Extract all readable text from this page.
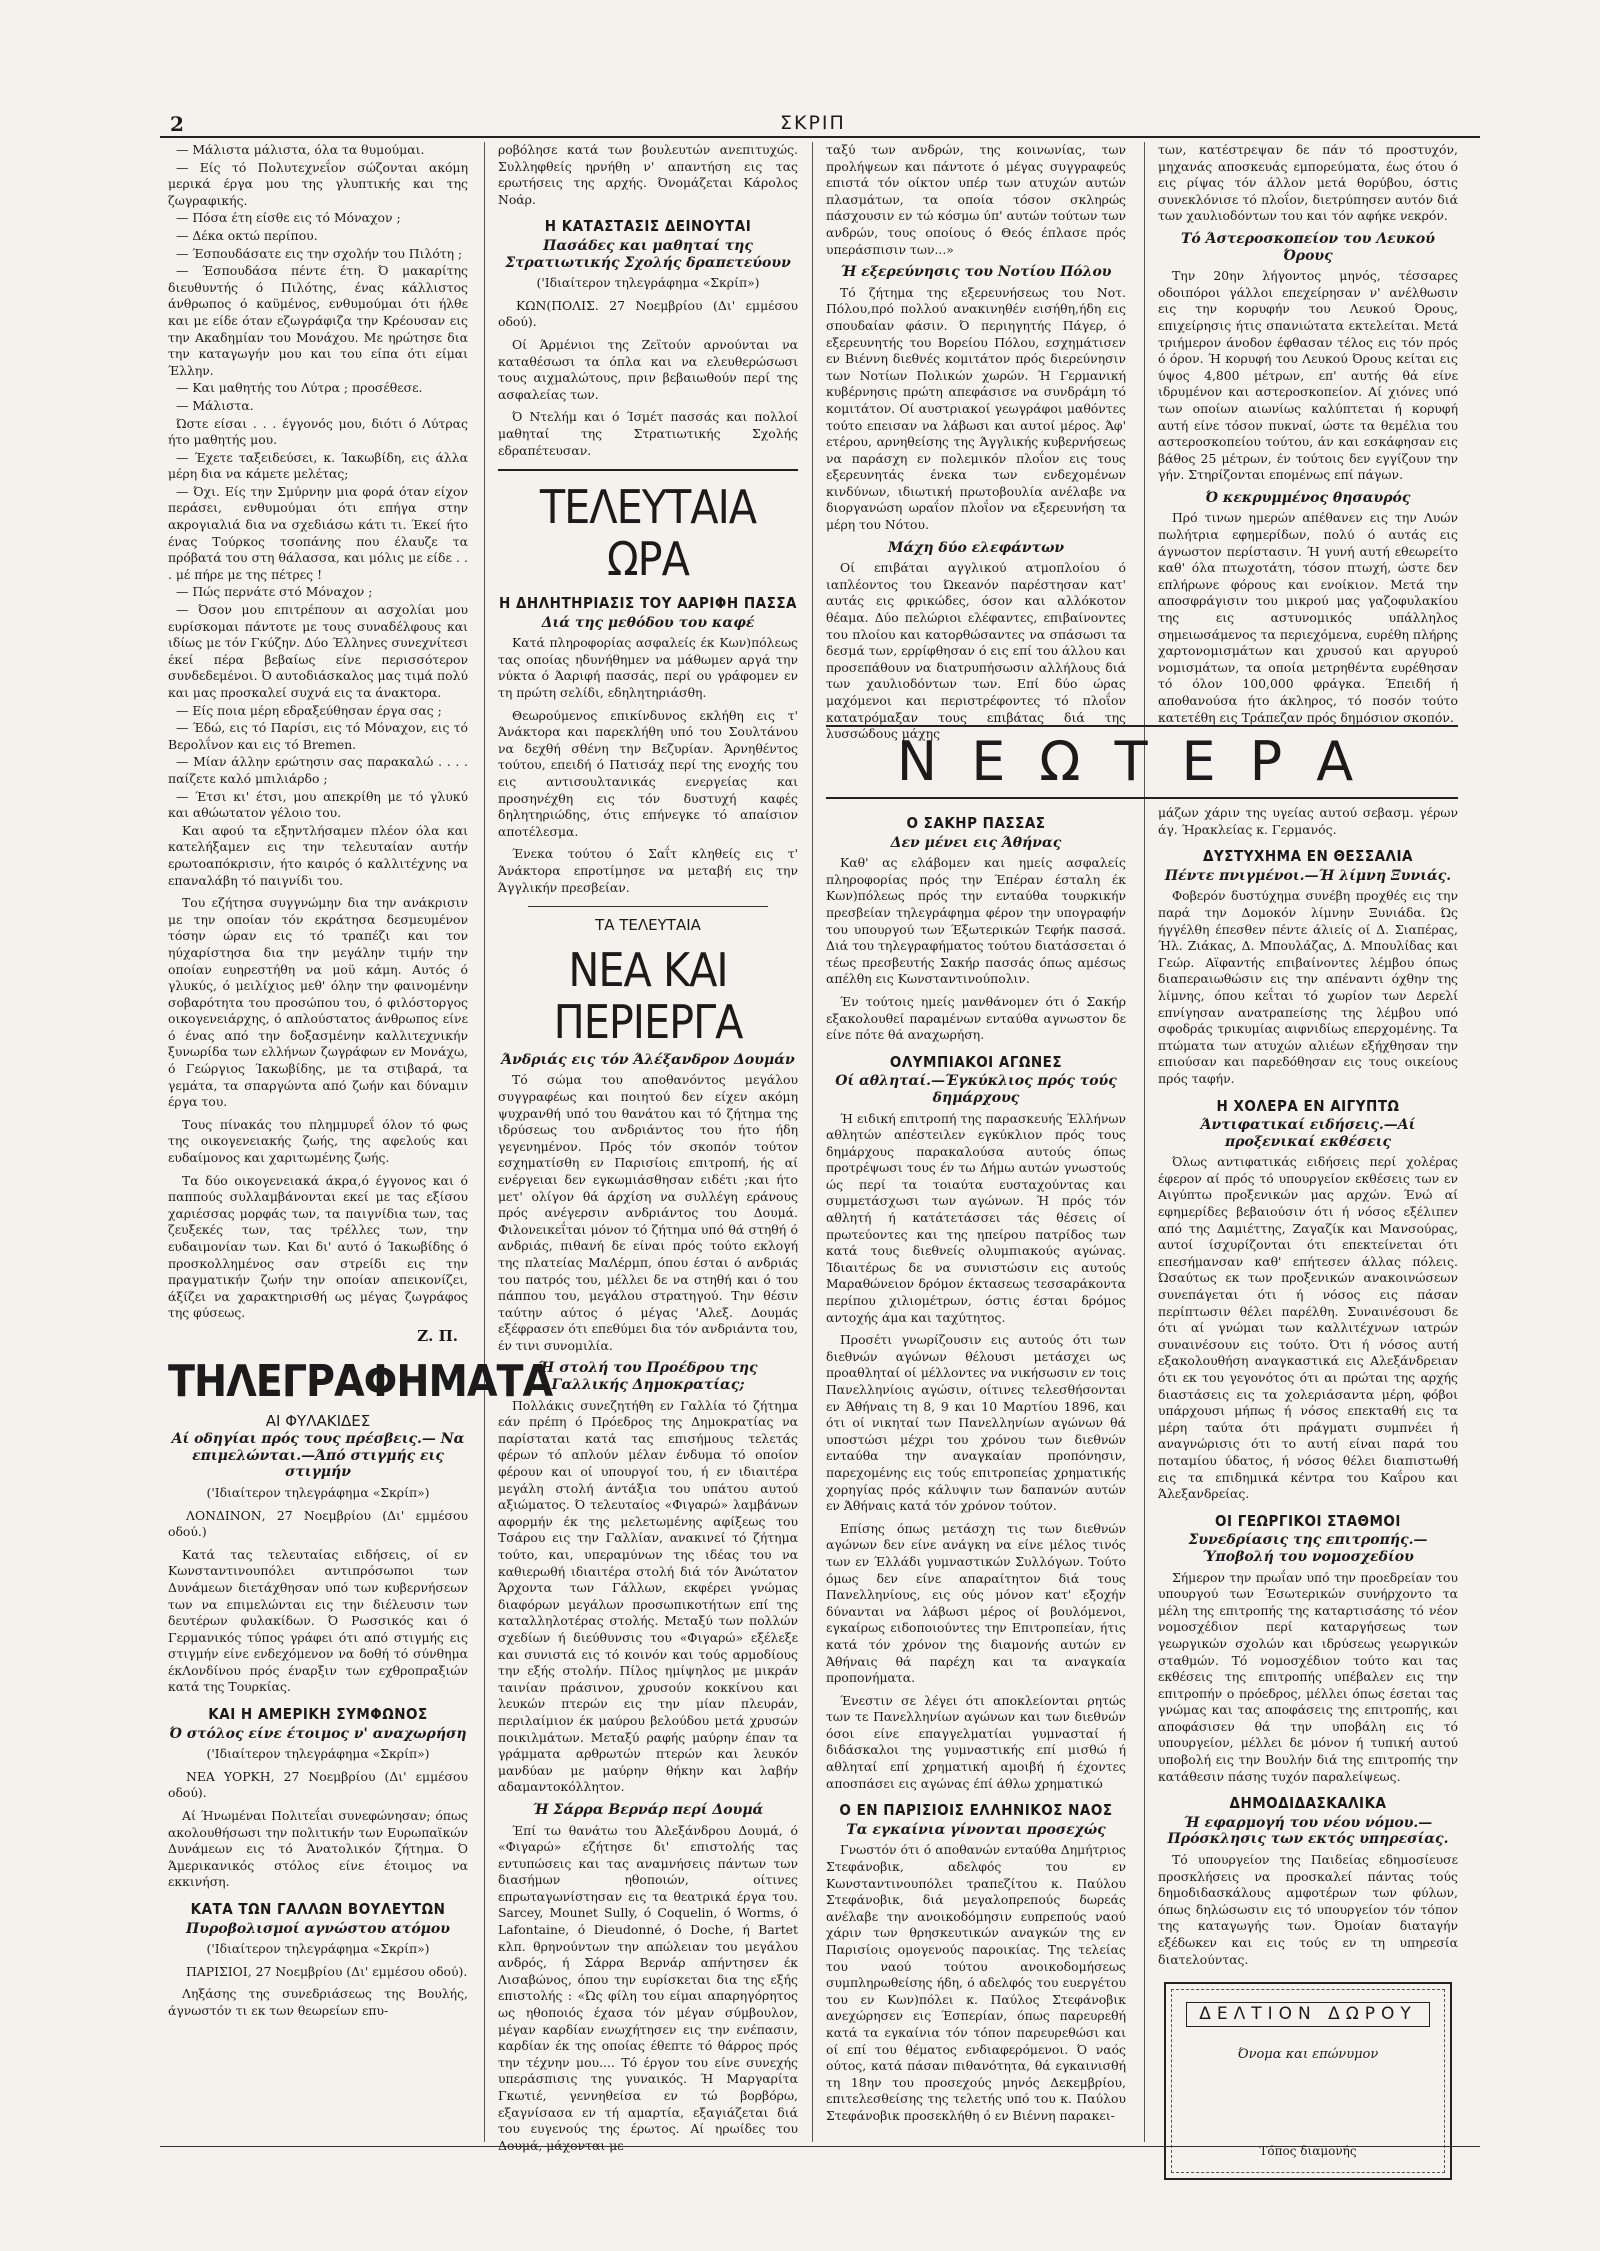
2	ΣΚΡΙΠ

— Μάλιστα μάλιστα, όλα τα θυμούμαι.

— Είς τό Πολυτεχνεΐον σώζονται ακόμη μερικά έργα μου της γλυπτικής και της ζωγραφικής.

— Πόσα έτη είσθε εις τό Μόναχον ;

— Δέκα οκτώ περίπου.

— Έσπουδάσατε εις την σχολήν του Πιλότη ;

— Έσπουδάσα πέντε έτη. Ό μακαρίτης διευθυντής ό Πιλότης, ένας κάλλιστος άνθρωπος ό καϋμένος, ενθυμούμαι ότι ήλθε και με είδε όταν εζωγράφιζα την Κρέουσαν εις την Ακαδημίαν του Μονάχου. Με ηρώτησε δια την καταγωγήν μου και του είπα ότι είμαι Έλλην.

— Και μαθητής του Λύτρα ; προσέθεσε.

— Μάλιστα.

Ώστε είσαι . . . έγγονός μου, διότι ό Λύτρας ήτο μαθητής μου.

— Έχετε ταξειδεύσει, κ. Ίακωβίδη, εις άλλα μέρη δια να κάμετε μελέτας;

— Όχι. Είς την Σμύρνην μια φορά όταν είχον περάσει, ενθυμούμαι ότι επήγα στην ακρογιαλιά δια να σχεδιάσω κάτι τι. Έκεί ήτο ένας Τούρκος τσοπάνης που έλαυζε τα πρόβατά του στη θάλασσα, και μόλις με είδε . . . μέ πήρε με της πέτρες !

— Πώς περνάτε στό Μόναχον ;

— Όσον μου επιτρέπουν αι ασχολίαι μου ευρίσκομαι πάντοτε με τους συναδέλφους και ιδίως με τόν Γκύζην. Δύο Έλληνες συνεχνίτεσι έκεί πέρα βεβαίως είνε περισσότερον συνδεδεμένοι. Ό αυτοδιάσκαλος μας τιμά πολύ και μας προσκαλεί συχνά εις τα άνακτορα.

— Είς ποια μέρη εδραξεύθησαν έργα σας ;

— Έδώ, εις τό Παρίσι, εις τό Μόναχον, εις τό Βερολΐνον και εις τό Bremen.

— Μίαν άλλην ερώτησιν σας παρακαλώ . . . . παίζετε καλό μπιλιάρδο ;

— Έτσι κι' έτσι, μου απεκρίθη με τό γλυκύ και αθώωτατον γέλοιο του.

Και αφού τα εξηντλήσαμεν πλέον όλα και κατελήξαμεν εις την τελευταίαν αυτήν ερωτοαπόκρισιν, ήτο καιρός ό καλλιτέχνης να επαναλάβη τό παιγνίδι του.

Του εζήτησα συγγνώμην δια την ανάκρισιν με την οποίαν τόν εκράτησα δεσμευμένον τόσην ώραν εις τό τραπέζι και τον ηύχαρίστησα δια την μεγάλην τιμήν την οποίαν ευηρεστήθη να μοϋ κάμη. Αυτός ό γλυκύς, ό μειλίχιος μεθ' όλην την φαινομένην σοβαρότητα του προσώπου του, ό φιλόστοργος οικογενειάρχης, ό απλούστατος άνθρωπος είνε ό ένας από την δοξασμένην καλλιτεχνικήν ξυνωρίδα των ελλήνων ζωγράφων εν Μονάχω, ό Γεώργιος Ίακωβίδης, με τα στιβαρά, τα γεμάτα, τα σπαργώντα από ζωήν και δύναμιν έργα του.

Τους πίνακάς του πλημμυρεΐ όλον τό φως της οικογενειακής ζωής, της αφελούς και ευδαίμονος και χαριτωμένης ζωής.

Τα δύο οικογενειακά άκρα,ό έγγονος και ό παππούς συλλαμβάνονται εκεί με τας εξίσου χαριέσσας μορφάς των, τα παιγνίδια των, τας ζευξεκές των, τας τρέλλες των, την ευδαιμονίαν των. Και δι' αυτό ό Ίακωβίδης ό προσκολλημένος σαν στρείδι εις την πραγματικήν ζωήν την οποίαν απεικονίζει, άξίζει να χαρακτηρισθή ως μέγας ζωγράφος της φύσεως.

Ζ. Π.
ΤΗΛΕΓΡΑΦΗΜΑΤΑ
ΑΙ ΦΥΛΑΚΙΔΕΣ
Αί οδηγίαι πρός τους πρέσβεις.— Να επιμελώνται.—Άπό στιγμής εις στιγμήν

('Ιδιαίτερον τηλεγράφημα «Σκρίπ»)

ΛΟΝΔΙΝΟΝ, 27 Νοεμβρίου (Δι' εμμέσου οδού.)

Κατά τας τελευταίας ειδήσεις, οί εν Κωνσταντινουπόλει αντιπρόσωποι των Δυνάμεων διετάχθησαν υπό των κυβερνήσεων των να επιμελώνται εις την διέλευσιν των δευτέρων φυλακίδων. Ό Ρωσσικός και ό Γερμανικός τύπος γράφει ότι από στιγμής εις στιγμήν είνε ενδεχόμενον να δοθή τό σύνθημα έκΛονδίνου πρός έναρξιν των εχθροπραξιών κατά της Τουρκίας.

ΚΑΙ Η ΑΜΕΡΙΚΗ ΣΥΜΦΩΝΟΣ
Ό στόλος είνε έτοιμος ν' αναχωρήση

('Ιδιαίτερον τηλεγράφημα «Σκρίπ»)

ΝΕΑ ΥΟΡΚΗ, 27 Νοεμβρίου (Δι' εμμέσου οδού).

Αί Ήνωμέναι Πολιτεΐαι συνεφώνησαν; όπως ακολουθήσωσι την πολιτικήν των Ευρωπαϊκών Δυνάμεων εις τό Άνατολικόν ζήτημα. Ό Άμερικανικός στόλος είνε έτοιμος να εκκινήση.

ΚΑΤΑ ΤΩΝ ΓΑΛΛΩΝ ΒΟΥΛΕΥΤΩΝ
Πυροβολισμοί αγνώστου ατόμου

('Ιδιαίτερον τηλεγράφημα «Σκρίπ»)

ΠΑΡΙΣΙΟΙ, 27 Νοεμβρίου (Δι' εμμέσου οδού).

Ληξάσης της συνεδριάσεως της Βουλής, άγνωστόν τι εκ των θεωρείων επυ-

ροβόλησε κατά των βουλευτών ανεπιτυχώς. Συλληφθείς ηρνήθη ν' απαντήση εις τας ερωτήσεις της αρχής. Όνομάζεται Κάρολος Νοάρ.

Η ΚΑΤΑΣΤΑΣΙΣ ΔΕΙΝΟΥΤΑΙ
Πασάδες και μαθηταί της Στρατιωτικής Σχολής δραπετεύουν

('Ιδιαίτερον τηλεγράφημα «Σκρίπ»)

ΚΩΝ(ΠΟΛΙΣ. 27 Νοεμβρίου (Δι' εμμέσου οδού).

Οί Άρμένιοι της Ζεϊτούν αρνούνται να καταθέσωσι τα όπλα και να ελευθερώσωσι τους αιχμαλώτους, πριν βεβαιωθούν περί της ασφαλείας των.

Ό Ντελήμ και ό Ίσμέτ πασσάς και πολλοί μαθηταί της Στρατιωτικής Σχολής εδραπέτευσαν.

ΤΕΛΕΥΤΑΙΑ ΩΡΑ
Η ΔΗΛΗΤΗΡΙΑΣΙΣ ΤΟΥ ΑΑΡΙΦΗ ΠΑΣΣΑ
Διά της μεθόδου του καφέ

Κατά πληροφορίας ασφαλείς έκ Κων)πόλεως τας οποίας ηδυνήθημεν να μάθωμεν αργά την νύκτα ό Άαριφή πασσάς, περί ου γράφομεν εν τη πρώτη σελίδι, εδηλητηριάσθη.

Θεωρούμενος επικίνδυνος εκλήθη εις τ' Άνάκτορα και παρεκλήθη υπό του Σουλτάνου να δεχθή σθένη την Βεζυρίαν. Άρνηθέντος τούτου, επειδή ό Πατισάχ περί της ενοχής του εις αντισουλτανικάς ενεργείας και προσηνέχθη εις τόν δυστυχή καφές δηλητηριώδης, ότις επήνεγκε τό απαίσιον αποτέλεσμα.

Ένεκα τούτου ό Σαΐτ κληθείς εις τ' Άνάκτορα επροτίμησε να μεταβή εις την Άγγλικήν πρεσβείαν.

ΤΑ ΤΕΛΕΥΤΑΙΑ
ΝΕΑ ΚΑΙ ΠΕΡΙΕΡΓΑ
Άνδριάς εις τόν Άλέξανδρον Δουμάν

Τό σώμα του αποθανόντος μεγάλου συγγραφέως και ποιητού δεν είχεν ακόμη ψυχρανθή υπό του θανάτου και τό ζήτημα της ιδρύσεως του ανδριάντος του ήτο ήδη γεγενημένον. Πρός τόν σκοπόν τούτον εσχηματίσθη εν Παρισίοις επιτροπή, ής αί ενέργειαι δεν εγκωμιάσθησαν ειδέτι ;και ήτο μετ' ολίγον θά άρχίση να συλλέγη εράνους πρός ανέγερσιν ανδριάντος του Δουμά. Φιλονεικεΐται μόνον τό ζήτημα υπό θά στηθή ό ανδριάς, πιθανή δε είναι πρός τούτο εκλογή της πλατείας ΜαΛέρμπ, όπου έσται ό ανδριάς του πατρός του, μέλλει δε να στηθή και ό του πάππου του, μεγάλου στρατηγού. Την θέσιν ταύτην αύτος ό μέγας 'Αλεξ. Δουμάς εξέφρασεν ότι επεθύμει δια τόν ανδριάντα του, έν τινι συνομιλία.

Ή στολή του Προέδρου της Γαλλικής Δημοκρατίας;

Πολλάκις συνεζητήθη εν Γαλλία τό ζήτημα εάν πρέπη ό Πρόεδρος της Δημοκρατίας να παρίσταται κατά τας επισήμους τελετάς φέρων τό απλούν μέλαν ένδυμα τό οποίον φέρουν και οί υπουργοί του, ή εν ιδιαιτέρα μεγάλη στολή άντάξια του υπάτου αυτού αξιώματος. Ό τελευταίος «Φιγαρώ» λαμβάνων αφορμήν έκ της μελετωμένης αφίξεως του Τσάρου εις την Γαλλίαν, ανακινεί τό ζήτημα τούτο, και, υπεραμύνων της ιδέας του να καθιερωθή ιδιαιτέρα στολή διά τόν Άνώτατον Άρχοντα των Γάλλων, εκφέρει γνώμας διαφόρων μεγάλων προσωπικοτήτων επί της καταλληλοτέρας στολής. Μεταξύ των πολλών σχεδίων ή διεύθυνσις του «Φιγαρώ» εξέλεξε και συνιστά εις τό κοινόν και τούς αρμοδίους την εξής στολήν. Πίλος ημίψηλος με μικράν ταινίαν πράσινον, χρυσούν κοκκίνου και λευκών πτερών εις την μίαν πλευράν, περιλαίμιον έκ μαύρου βελούδου μετά χρυσών ποικιλμάτων. Μεταξύ ραφής μαύρην έπαν τα γράμματα αρθρωτών πτερών και λευκόν μανδύαν με μαύρην θήκην και λαβήν αδαμαντοκόλλητον.

Ή Σάρρα Βερνάρ περί Δουμά

Έπί τω θανάτω του Άλεξάνδρου Δουμά, ό «Φιγαρώ» εζήτησε δι' επιστολής τας εντυπώσεις και τας αναμνήσεις πάντων των διασήμων ηθοποιών, οίτινες επρωταγωνίστησαν εις τα θεατρικά έργα του. Sarcey, Mounet Sully, ό Coquelin, ό Worms, ό Lafontaine, ό Dieudonné, ό Doche, ή Bartet κλπ. θρηνούντων την απώλειαν του μεγάλου ανδρός, ή Σάρρα Βερνάρ απήντησεν έκ Λισαβώνος, όπου την ευρίσκεται δια της εξής επιστολής : «Ώς φίλη του είμαι απαρηγόρητος ως ηθοποιός έχασα τόν μέγαν σύμβουλον, μέγαν καρδίαν ενωχήτησεν εις την ενέπασιν, καρδίαν έκ της οποίας έθεπτε τό θάρρος πρός την τέχνην μου.... Τό έργον του είνε συνεχής υπεράσπισις της γυναικός. Ή Μαργαρίτα Γκωτιέ, γεννηθείσα εν τώ βορβόρω, εξαγνίσασα εν τή αμαρτία, εξαγιάζεται διά του ευγενούς της έρωτος. Αί ηρωίδες του Δουμά, μάχονται με-

ταξύ των ανδρών, της κοινωνίας, των προλήψεων και πάντοτε ό μέγας συγγραφεύς επιστά τόν οίκτον υπέρ των ατυχών αυτών πλασμάτων, τα οποία τόσον σκληρώς πάσχουσιν εν τώ κόσμω ύπ' αυτών τούτων των ανδρών, τους οποίους ό Θεός έπλασε πρός υπεράσπισιν των...»

Ή εξερεύνησις του Νοτίου Πόλου

Τό ζήτημα της εξερευνήσεως του Νοτ. Πόλου,πρό πολλού ανακινηθέν εισήθη,ήδη εις σπουδαίαν φάσιν. Ό περιηγητής Πάγερ, ό εξερευνητής του Βορείου Πόλου, εσχημάτισεν εν Βιέννη διεθνές κομιτάτον πρός διερεύνησιν των Νοτίων Πολικών χωρών. Ή Γερμανική κυβέρνησις πρώτη απεφάσισε να συνδράμη τό κομιτάτον. Οί αυστριακοί γεωγράφοι μαθόντες τούτο επεισαν να λάβωσι και αυτοί μέρος. Άφ' ετέρου, αρνηθείσης της Άγγλικής κυβερνήσεως να παράσχη εν πολεμικόν πλοΐον εις τους εξερευνητάς ένεκα των ενδεχομένων κινδύνων, ιδιωτική πρωτοβουλία ανέλαβε να διοργανώση ωραΐον πλοΐον να εξερευνήση τα μέρη του Νότου.

Μάχη δύο ελεφάντων

Οί επιβάται αγγλικού ατμοπλοίου ό ιαπλέοντος του Ώκεανόν παρέστησαν κατ' αυτάς εις φρικώδες, όσον και αλλόκοτον θέαμα. Δύο πελώριοι ελέφαντες, επιβαίνοντες του πλοίου και κατορθώσαντες να σπάσωσι τα δεσμά των, ερρίφθησαν ό εις επί του άλλου και προσεπάθουν να διατρυπήσωσιν αλλήλους διά των χαυλιοδόντων των. Επί δύο ώρας μαχόμενοι και περιστρέφοντες τό πλοΐον κατατρόμαξαν τους επιβάτας διά της λυσσώδους μάχης

των, κατέστρεψαν δε πάν τό προστυχόν, μηχανάς αποσκευάς εμπορεύματα, έως ότου ό εις ρίψας τόν άλλον μετά θορύβου, όστις συνεκλόνισε τό πλοΐον, διετρύπησεν αυτόν διά των χαυλιοδόντων του και τόν αφήκε νεκρόν.

Τό Άστεροσκοπείον του Λευκού Όρους

Την 20ην λήγοντος μηνός, τέσσαρες οδοιπόροι γάλλοι επεχείρησαν ν' ανέλθωσιν εις την κορυφήν του Λευκού Όρους, επιχείρησις ήτις σπανιώτατα εκτελείται. Μετά τριήμερον άνοδον έφθασαν τέλος εις τόν πρός ό όρον. Ή κορυφή του Λευκού Όρους κείται εις ύψος 4,800 μέτρων, επ' αυτής θά είνε ιδρυμένον και αστεροσκοπείον. Αί χιόνες υπό των οποίων αιωνίως καλύπτεται ή κορυφή αυτή είνε τόσον πυκναί, ώστε τα θεμέλια του αστεροσκοπείου τούτου, άν και εσκάφησαν εις βάθος 25 μέτρων, έν τούτοις δεν εγγίζουν την γήν. Στηρίζονται επομένως επί πάγων.

Ό κεκρυμμένος θησαυρός

Πρό τινων ημερών απέθανεν εις την Λυών πωλήτρια εφημερίδων, πολύ ό αυτάς εις άγνωστον περίστασιν. Ή γυνή αυτή εθεωρείτο καθ' όλα πτωχοτάτη, τόσον πτωχή, ώστε δεν επλήρωνε φόρους και ενοίκιον. Μετά την αποσφράγισιν του μικρού μας γαζοφυλακίου της εις αστυνομικός υπάλληλος σημειωσάμενος τα περιεχόμενα, ευρέθη πλήρης χαρτονομισμάτων και χρυσού και αργυρού νομισμάτων, τα οποία μετρηθέντα ευρέθησαν τό όλον 100,000 φράγκα. Έπειδή ή αποθανούσα ήτο άκληρος, τό ποσόν τούτο κατετέθη εις Τράπεζαν πρός δημόσιον σκοπόν.

ΝΕΩΤΕΡΑ
Ο ΣΑΚΗΡ ΠΑΣΣΑΣ
Δεν μένει εις Άθήνας

Καθ' ας ελάβομεν και ημείς ασφαλείς πληροφορίας πρός την Έπέραν έσταλη έκ Κων)πόλεως πρός την ενταύθα τουρκικήν πρεσβείαν τηλεγράφημα φέρον την υπογραφήν του υπουργού των Έξωτερικών Τεφήκ πασσά. Διά του τηλεγραφήματος τούτου διατάσσεται ό τέως πρεσβευτής Σακήρ πασσάς όπως αμέσως απέλθη εις Κωνσταντινούπολιν.

Έν τούτοις ημείς μανθάνομεν ότι ό Σακήρ εξακολουθεί παραμένων ενταύθα αγνωστον δε είνε πότε θά αναχωρήση.

ΟΛΥΜΠΙΑΚΟΙ ΑΓΩΝΕΣ
Οί αθληταί.—Έγκύκλιος πρός τούς δημάρχους

Ή ειδική επιτροπή της παρασκευής Έλλήνων αθλητών απέστειλεν εγκύκλιον πρός τους δημάρχους παρακαλούσα αυτούς όπως προτρέψωσι τους έν τω Δήμω αυτών γνωστούς ώς περί τα τοιαύτα ευσταχούντας και συμμετάσχωσι των αγώνων. Ή πρός τόν αθλητή ή κατάτετάσσει τάς θέσεις οί πρωτεύοντες και της ηπείρου πατρίδος των κατά τους διεθνείς ολυμπιακούς αγώνας. Ίδιαιτέρως δε να συνιστώσιν εις αυτούς Μαραθώνειον δρόμον έκτασεως τεσσαράκοντα περίπου χιλιομέτρων, όστις έσται δρόμος αντοχής άμα και ταχύτητος.

Προσέτι γνωρίζουσιν εις αυτούς ότι των διεθνών αγώνων θέλουσι μετάσχει ως προαθληταί οί μέλλοντες να νικήσωσιν εν τοις Πανελληνίοις αγώσιν, οίτινες τελεσθήσονται εν Άθήναις τη 8, 9 και 10 Μαρτίου 1896, και ότι οί νικηταί των Πανελληνίων αγώνων θά υποστώσι μέχρι του χρόνου των διεθνών ενταύθα την αναγκαίαν προπόνησιν, παρεχομένης εις τούς επιτροπείας χρηματικής χορηγίας πρός κάλυψιν των δαπανών αυτών εν Άθήναις κατά τόν χρόνον τούτον.

Επίσης όπως μετάσχη τις των διεθνών αγώνων δεν είνε ανάγκη να είνε μέλος τινός των εν Έλλάδι γυμναστικών Συλλόγων. Τούτο όμως δεν είνε απαραίτητον διά τους Πανελληνίους, εις ούς μόνον κατ' εξοχήν δύνανται να λάβωσι μέρος οί βουλόμενοι, εγκαίρως ειδοποιούντες την Επιτροπείαν, ήτις κατά τόν χρόνον της διαμονής αυτών εν Άθήναις θά παρέχη και τα αναγκαία προπονήματα.

Ένεστιν σε λέγει ότι αποκλείονται ρητώς των τε Πανελληνίων αγώνων και των διεθνών όσοι είνε επαγγελματίαι γυμνασταί ή διδάσκαλοι της γυμναστικής επί μισθώ ή αθληταί επί χρηματική αμοιβή ή έχοντες αποσπάσει εις αγώνας έπί άθλω χρηματικώ

Ο ΕΝ ΠΑΡΙΣΙΟΙΣ ΕΛΛΗΝΙΚΟΣ ΝΑΟΣ
Τα εγκαίνια γίνονται προσεχώς

Γνωστόν ότι ό αποθανών ενταύθα Δημήτριος Στεφάνοβικ, αδελφός του εν Κωνσταντινουπόλει τραπεζίτου κ. Παύλου Στεφάνοβικ, διά μεγαλοπρεπούς δωρεάς ανέλαβε την ανοικοδόμησιν ευπρεπούς ναού χάριν των θρησκευτικών αναγκών της εν Παρισίοις ομογενούς παροικίας. Της τελείας του ναού τούτου ανοικοδομήσεως συμπληρωθείσης ήδη, ό αδελφός του ευεργέτου του εν Κων)πόλει κ. Παύλος Στεφάνοβικ ανεχώρησεν εις Έσπερίαν, όπως παρευρεθή κατά τα εγκαίνια τόν τόπον παρευρεθώσι και οί επί του θέματος ενδιαφερόμενοι. Ό ναός ούτος, κατά πάσαν πιθανότητα, θά εγκαινισθή τη 18ην του προσεχούς μηνός Δεκεμβρίου, επιτελεσθείσης της τελετής υπό του κ. Παύλου Στεφάνοβικ προσεκλήθη ό εν Βιέννη παρακει-

μάζων χάριν της υγείας αυτού σεβασμ. γέρων άγ. Ήρακλείας κ. Γερμανός.

ΔΥΣΤΥΧΗΜΑ ΕΝ ΘΕΣΣΑΛΙΑ
Πέντε πνιγμένοι.—Ή λίμνη Ξυνιάς.

Φοβερόν δυστύχημα συνέβη προχθές εις την παρά την Δομοκόν λίμνην Ξυνιάδα. Ώς ήγγέλθη έπεσθεν πέντε άλιείς οί Δ. Σιαπέρας, Ήλ. Ζιάκας, Δ. Μπουλάζας, Δ. Μπουλίδας και Γεώρ. Αϊφαντής επιβαίνοντες λέμβου όπως διαπεραιωθώσιν εις την απέναντι όχθην της λίμνης, όπου κεΐται τό χωρίον των Δερελί επνίγησαν ανατραπείσης της λέμβου υπό σφοδράς τρικυμίας αιφνιδίως επερχομένης. Τα πτώματα των ατυχών αλιέων εξήχθησαν την επιούσαν και παρεδόθησαν εις τους οικείους πρός ταφήν.

Η ΧΟΛΕΡΑ ΕΝ ΑΙΓΥΠΤΩ
Άντιφατικαί ειδήσεις.—Αί προξενικαί εκθέσεις

Όλως αντιφατικάς ειδήσεις περί χολέρας έφερον αί πρός τό υπουργείον εκθέσεις των εν Αιγύπτω προξενικών μας αρχών. Ένώ αί εφημερίδες βεβαιούσιν ότι ή νόσος εξέλιπεν από της Δαμιέττης, Ζαγαζίκ και Μανσούρας, αυτοί ίσχυρίζονται ότι επεκτείνεται ότι επεσήμανσαν καθ' επήτεσεν άλλας πόλεις. Ώσαύτως εκ των προξενικών ανακοινώσεων συνεπάγεται ότι ή νόσος εις πάσαν περίπτωσιν θέλει παρέλθη. Συναινέσουσι δε ότι αί γνώμαι των καλλιτέχνων ιατρών συναινέσουν εις τούτο. Ότι ή νόσος αυτή εξακολουθήση αναγκαστικά εις Αλεξάνδρειαν ότι εκ του γεγονότος ότι αι πρώται της αρχής διαστάσεις εις τα χολεριάσαντα μέρη, φόβοι υπάρχουσι μήπως ή νόσος επεκταθή εις τα μέρη ταύτα ότι πράγματι συμπνέει ή αναγνώρισις ότι το αυτή είναι παρά του ποταμίου ύδατος, ή νόσος θέλει διαπιστωθή εις τα επιδημικά κέντρα του Καΐρου και Άλεξανδρείας.

ΟΙ ΓΕΩΡΓΙΚΟΙ ΣΤΑΘΜΟΙ
Συνεδρίασις της επιτροπής.—Ύποβολή του νομοσχεδίου

Σήμερον την πρωΐαν υπό την προεδρείαν του υπουργού των Έσωτερικών συνήρχοντο τα μέλη της επιτροπής της καταρτισάσης τό νέον νομοσχέδιον περί καταργήσεως των γεωργικών σχολών και ιδρύσεως γεωργικών σταθμών. Τό νομοσχέδιον τούτο και τας εκθέσεις της επιτροπής υπέβαλεν εις την επιτροπήν ο πρόεδρος, μέλλει όπως έσεται τας γνώμας και τας αποφάσεις της επιτροπής, και αποφάσισεν θά την υποβάλη εις τό υπουργείον, μέλλει δε μόνον ή τυπική αυτού υποβολή εις την Βουλήν διά της επιτροπής την κατάθεσιν πάσης τυχόν παραλείψεως.

ΔΗΜΟΔΙΔΑΣΚΑΛΙΚΑ
Ή εφαρμογή του νέου νόμου.— Πρόσκλησις των εκτός υπηρεσίας.

Τό υπουργείον της Παιδείας εδημοσίευσε προσκλήσεις να προσκαλεί πάντας τούς δημοδιδασκάλους αμφοτέρων των φύλων, όπως δηλώσωσιν εις τό υπουργείον τόν τόπον της καταγωγής των. Όμοίαν διαταγήν εξέδωκεν και εις τούς εν τη υπηρεσία διατελούντας.

ΔΕΛΤΙΟΝ ΔΩΡΟΥ
Όνομα και επώνυμον
Τόπος διαμονής
